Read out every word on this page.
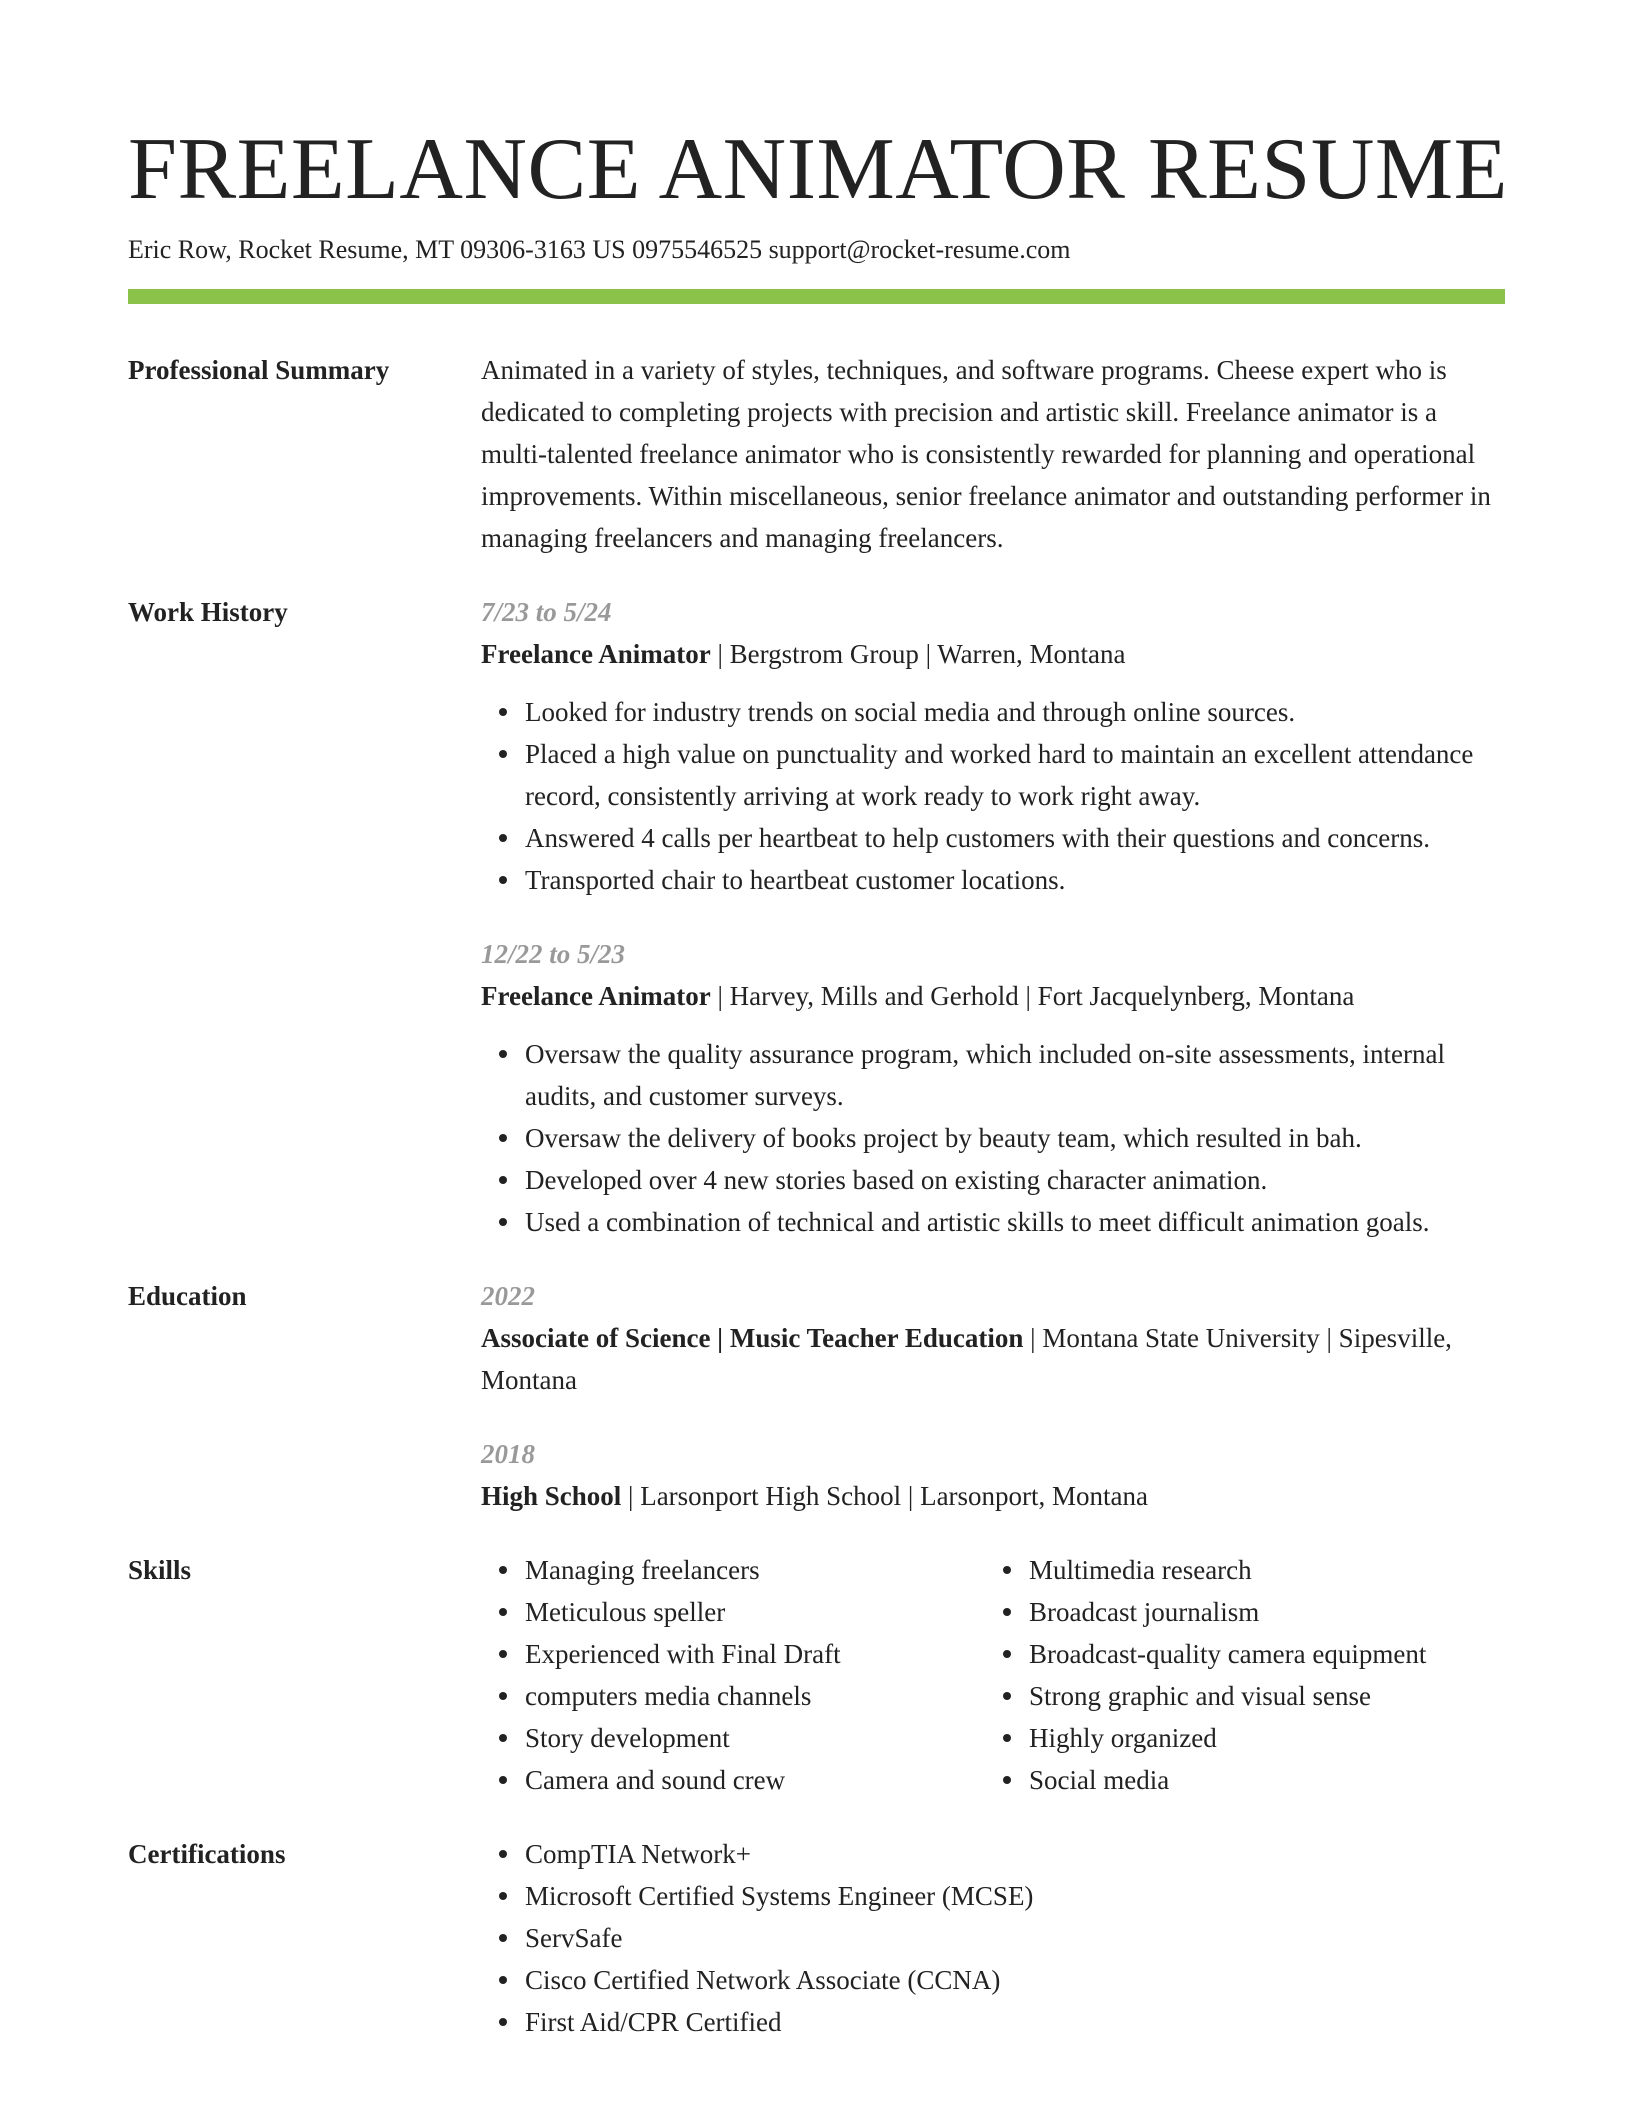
FREELANCE ANIMATOR RESUME
Eric Row, Rocket Resume, MT 09306-3163 US 0975546525 support@rocket-resume.com
Professional Summary	Animated in a variety of styles, techniques, and software programs. Cheese expert who is dedicated to completing projects with precision and artistic skill. Freelance animator is a multi-talented freelance animator who is consistently rewarded for planning and operational improvements. Within miscellaneous, senior freelance animator and outstanding performer in managing freelancers and managing freelancers.

Work History	7/23 to 5/24
Freelance Animator | Bergstrom Group | Warren, Montana
Looked for industry trends on social media and through online sources.
Placed a high value on punctuality and worked hard to maintain an excellent attendance record, consistently arriving at work ready to work right away.
Answered 4 calls per heartbeat to help customers with their questions and concerns.
Transported chair to heartbeat customer locations.
12/22 to 5/23
Freelance Animator | Harvey, Mills and Gerhold | Fort Jacquelynberg, Montana
Oversaw the quality assurance program, which included on-site assessments, internal audits, and customer surveys.
Oversaw the delivery of books project by beauty team, which resulted in bah.
Developed over 4 new stories based on existing character animation.
Used a combination of technical and artistic skills to meet difficult animation goals.
Education	2022
Associate of Science | Music Teacher Education | Montana State University | Sipesville, Montana
2018
High School | Larsonport High School | Larsonport, Montana
Skills	Managing freelancers
Meticulous speller
Experienced with Final Draft
computers media channels
Story development
Camera and sound crew
Multimedia research
Broadcast journalism
Broadcast-quality camera equipment
Strong graphic and visual sense
Highly organized
Social media
Certifications	CompTIA Network+
Microsoft Certified Systems Engineer (MCSE)
ServSafe
Cisco Certified Network Associate (CCNA)
First Aid/CPR Certified
